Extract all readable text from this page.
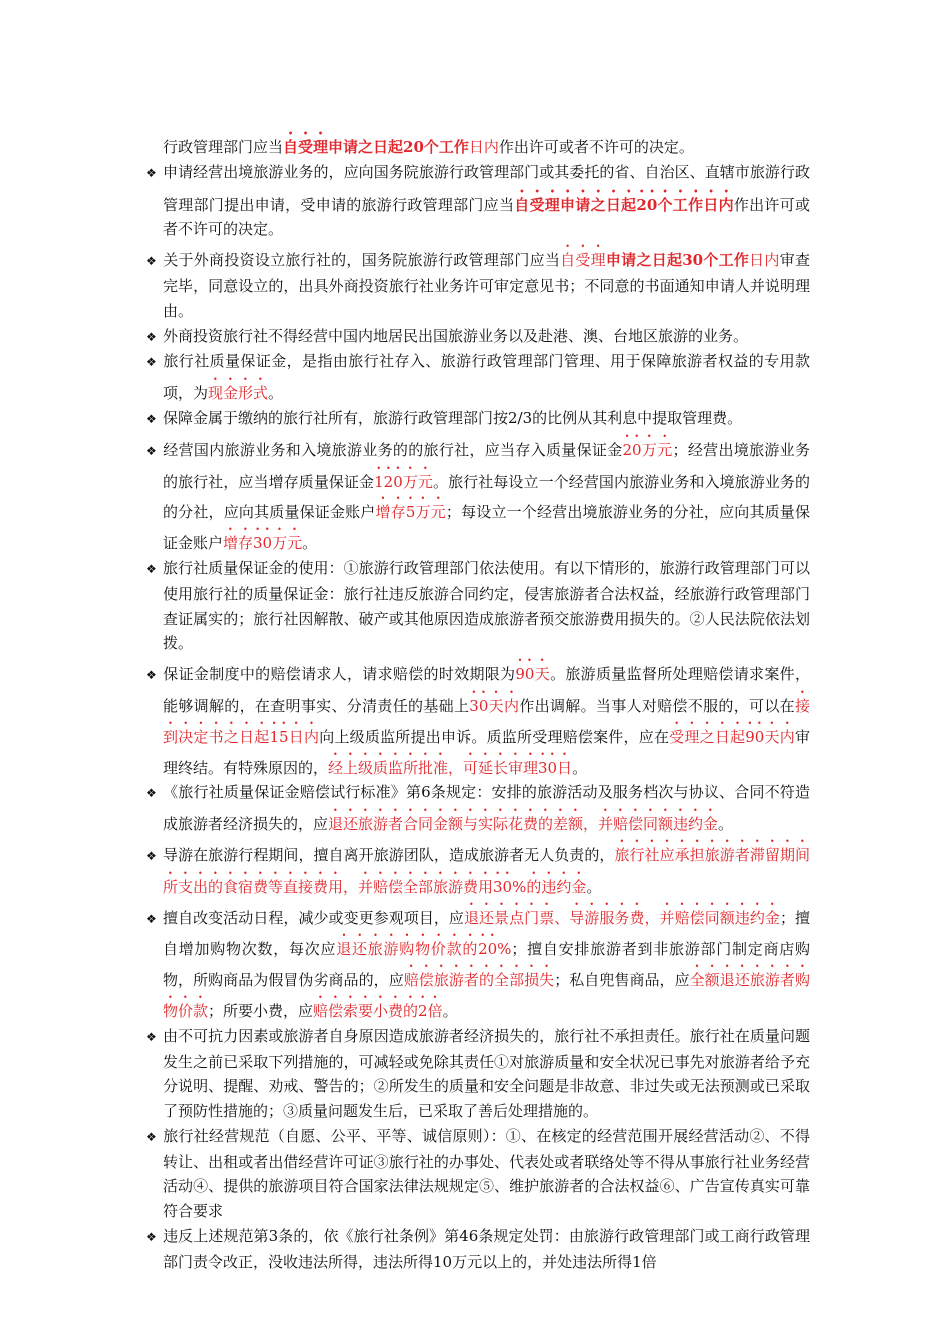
行政管理部门应当自受理申请之日起20个工作日内作出许可或者不许可的决定。

❖ 申请经营出境旅游业务的，应向国务院旅游行政管理部门或其委托的省、自治区、直辖市旅游行政管理部门提出申请，受申请的旅游行政管理部门应当自受理申请之日起20个工作日内作出许可或者不许可的决定。

❖ 关于外商投资设立旅行社的，国务院旅游行政管理部门应当自受理申请之日起30个工作日内审查完毕，同意设立的，出具外商投资旅行社业务许可审定意见书；不同意的书面通知申请人并说明理由。

❖ 外商投资旅行社不得经营中国内地居民出国旅游业务以及赴港、澳、台地区旅游的业务。

❖ 旅行社质量保证金，是指由旅行社存入、旅游行政管理部门管理、用于保障旅游者权益的专用款项，为现金形式。

❖ 保障金属于缴纳的旅行社所有，旅游行政管理部门按2/3的比例从其利息中提取管理费。

❖ 经营国内旅游业务和入境旅游业务的的旅行社，应当存入质量保证金20万元；经营出境旅游业务的旅行社，应当增存质量保证金120万元。旅行社每设立一个经营国内旅游业务和入境旅游业务的的分社，应向其质量保证金账户增存5万元；每设立一个经营出境旅游业务的分社，应向其质量保证金账户增存30万元。

❖ 旅行社质量保证金的使用：①旅游行政管理部门依法使用。有以下情形的，旅游行政管理部门可以使用旅行社的质量保证金：旅行社违反旅游合同约定，侵害旅游者合法权益，经旅游行政管理部门查证属实的；旅行社因解散、破产或其他原因造成旅游者预交旅游费用损失的。②人民法院依法划拨。

❖ 保证金制度中的赔偿请求人，请求赔偿的时效期限为90天。旅游质量监督所处理赔偿请求案件，能够调解的，在查明事实、分清责任的基础上30天内作出调解。当事人对赔偿不服的，可以在接到决定书之日起15日内向上级质监所提出申诉。质监所受理赔偿案件，应在受理之日起90天内审理终结。有特殊原因的，经上级质监所批准，可延长审理30日。

❖ 《旅行社质量保证金赔偿试行标准》第6条规定：安排的旅游活动及服务档次与协议、合同不符造成旅游者经济损失的，应退还旅游者合同金额与实际花费的差额，并赔偿同额违约金。

❖ 导游在旅游行程期间，擅自离开旅游团队，造成旅游者无人负责的，旅行社应承担旅游者滞留期间所支出的食宿费等直接费用，并赔偿全部旅游费用30%的违约金。

❖ 擅自改变活动日程，减少或变更参观项目，应退还景点门票、导游服务费，并赔偿同额违约金；擅自增加购物次数，每次应退还旅游购物价款的20%；擅自安排旅游者到非旅游部门制定商店购物，所购商品为假冒伪劣商品的，应赔偿旅游者的全部损失；私自兜售商品，应全额退还旅游者购物价款；所要小费，应赔偿索要小费的2倍。

❖ 由不可抗力因素或旅游者自身原因造成旅游者经济损失的，旅行社不承担责任。旅行社在质量问题发生之前已采取下列措施的，可减轻或免除其责任①对旅游质量和安全状况已事先对旅游者给予充分说明、提醒、劝戒、警告的；②所发生的质量和安全问题是非故意、非过失或无法预测或已采取了预防性措施的；③质量问题发生后，已采取了善后处理措施的。

❖ 旅行社经营规范（自愿、公平、平等、诚信原则）：①、在核定的经营范围开展经营活动②、不得转让、出租或者出借经营许可证③旅行社的办事处、代表处或者联络处等不得从事旅行社业务经营活动④、提供的旅游项目符合国家法律法规规定⑤、维护旅游者的合法权益⑥、广告宣传真实可靠符合要求

❖ 违反上述规范第3条的，依《旅行社条例》第46条规定处罚：由旅游行政管理部门或工商行政管理部门责令改正，没收违法所得，违法所得10万元以上的，并处违法所得1倍
